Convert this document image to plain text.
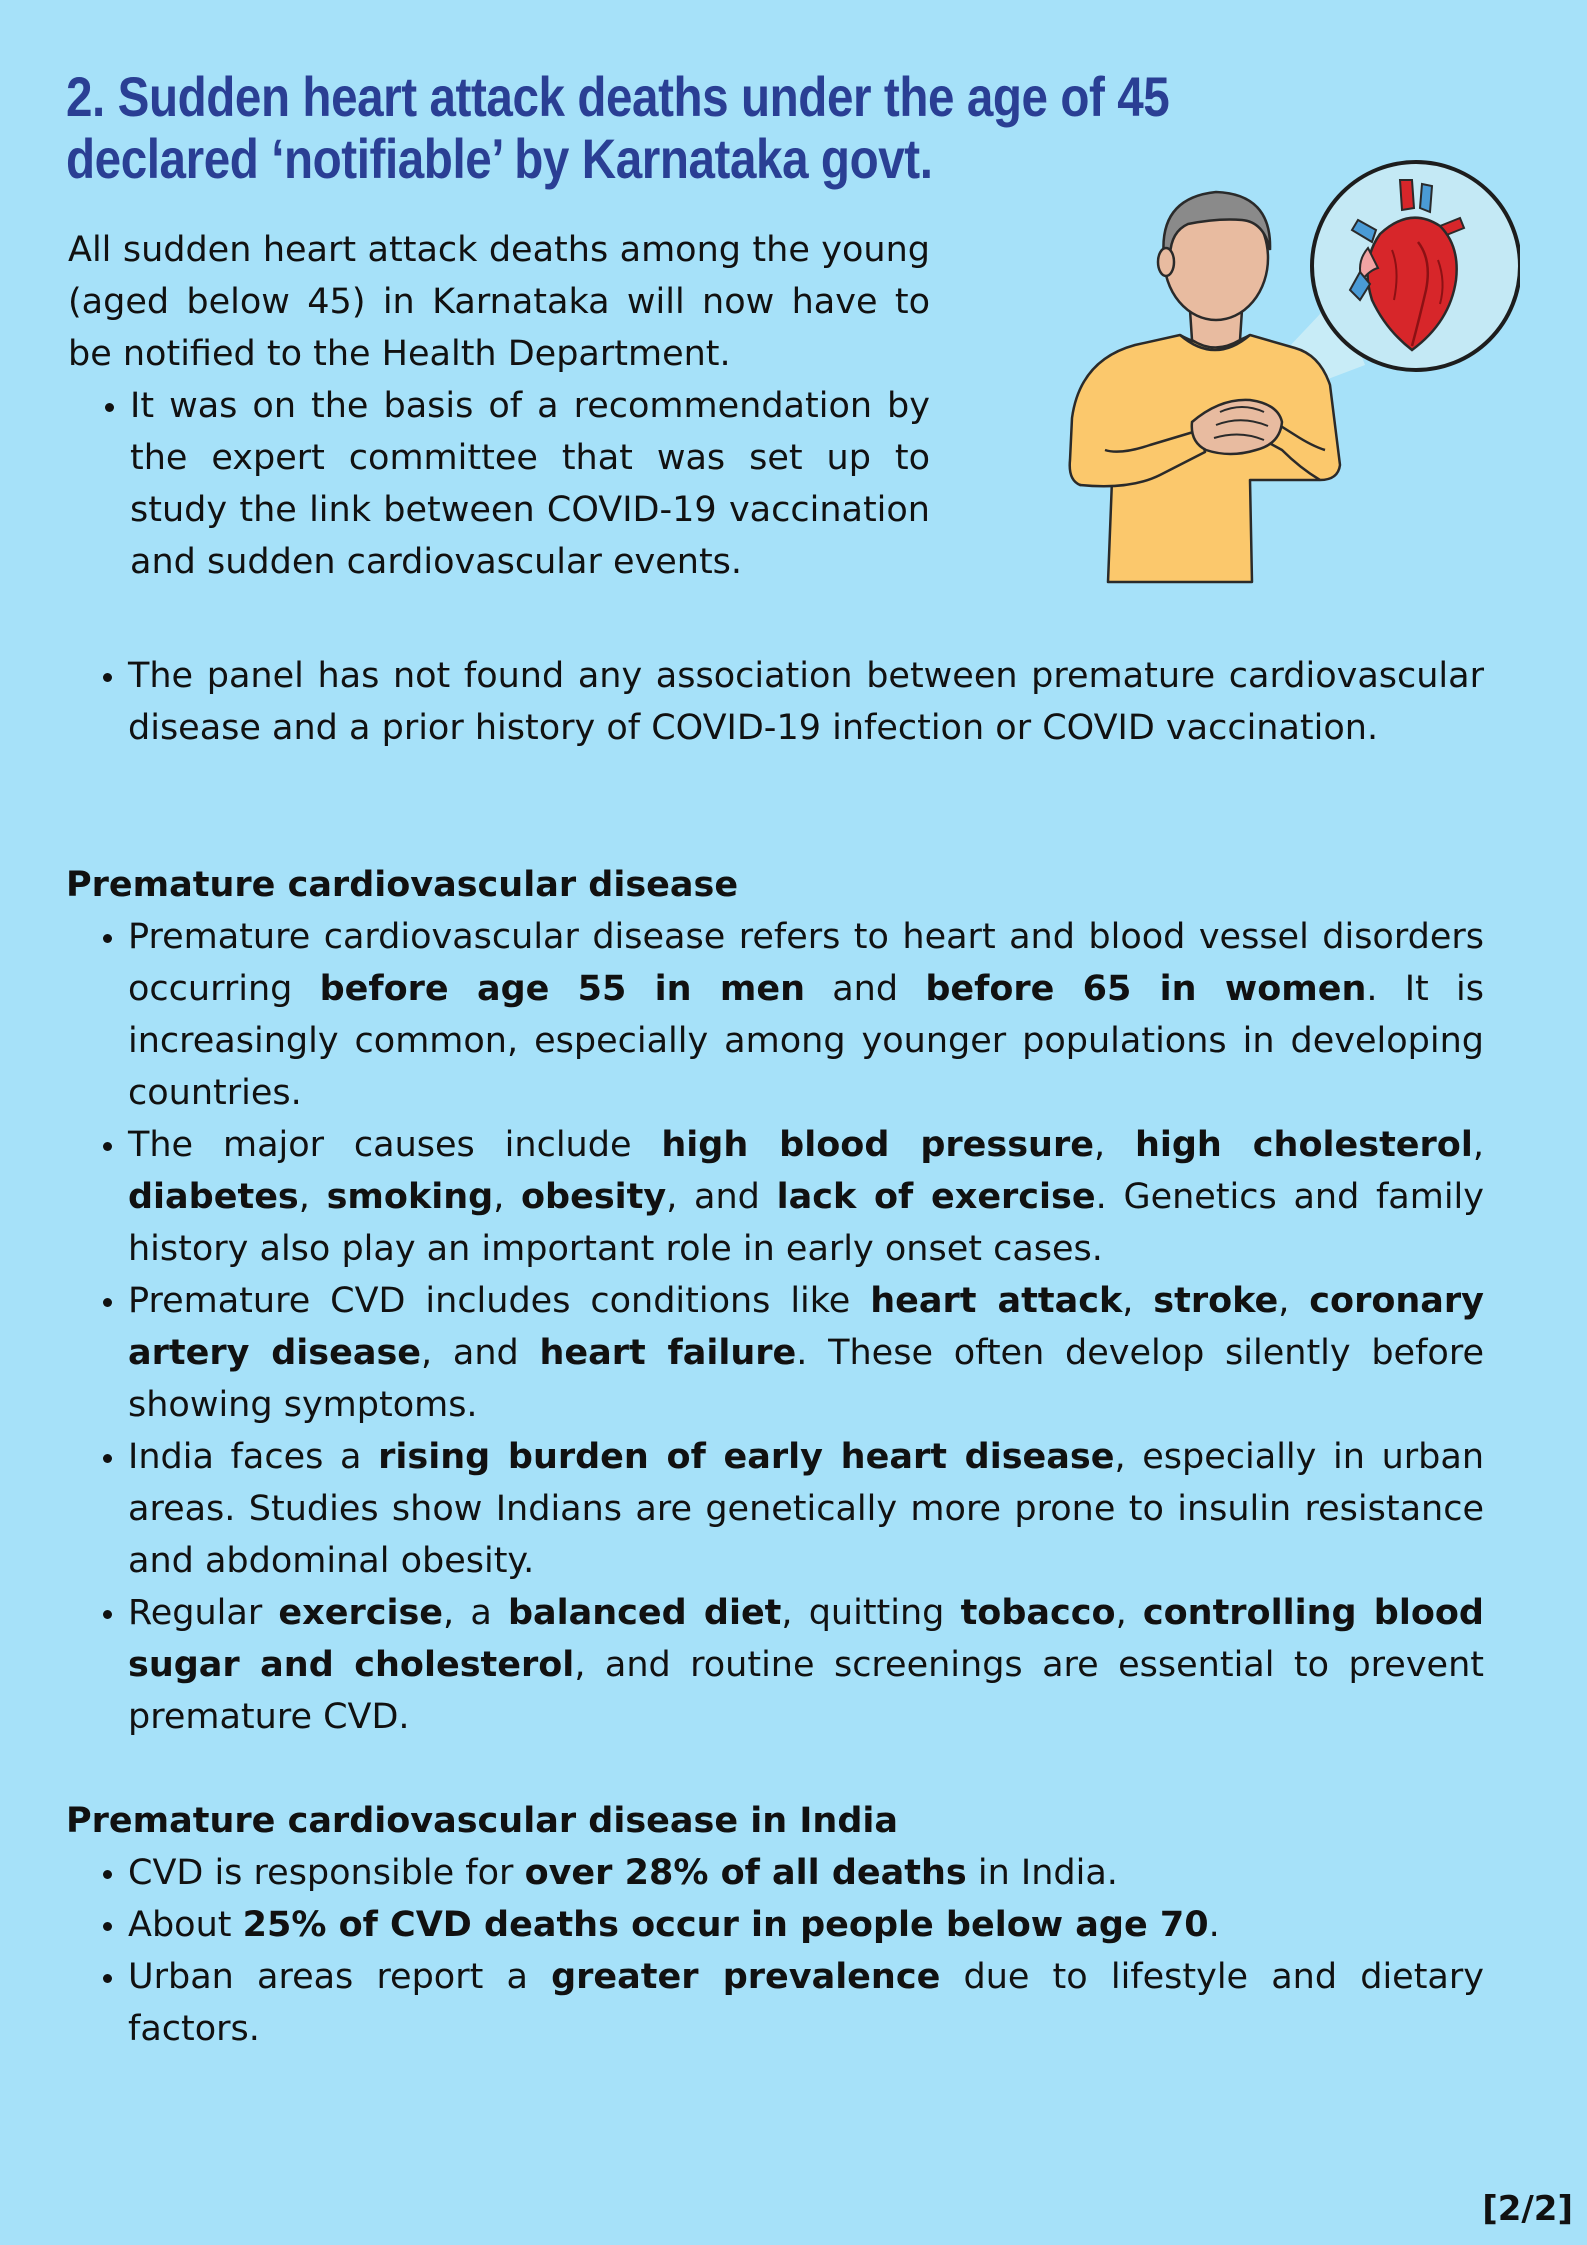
2. Sudden heart attack deaths under the age of 45 declared ‘notifiable’ by Karnataka govt.

All sudden heart attack deaths among the young (aged below 45) in Karnataka will now have to be notified to the Health Department.

• It was on the basis of a recommendation by the expert committee that was set up to study the link between COVID-19 vaccination and sudden cardiovascular events.
• The panel has not found any association between premature cardiovascular disease and a prior history of COVID-19 infection or COVID vaccination.

Premature cardiovascular disease

• Premature cardiovascular disease refers to heart and blood vessel disorders occurring before age 55 in men and before 65 in women. It is increasingly common, especially among younger populations in developing countries.
• The major causes include high blood pressure, high cholesterol, diabetes, smoking, obesity, and lack of exercise. Genetics and family history also play an important role in early onset cases.
• Premature CVD includes conditions like heart attack, stroke, coronary artery disease, and heart failure. These often develop silently before showing symptoms.
• India faces a rising burden of early heart disease, especially in urban areas. Studies show Indians are genetically more prone to insulin resistance and abdominal obesity.
• Regular exercise, a balanced diet, quitting tobacco, controlling blood sugar and cholesterol, and routine screenings are essential to prevent premature CVD.

Premature cardiovascular disease in India

• CVD is responsible for over 28% of all deaths in India.
• About 25% of CVD deaths occur in people below age 70.
• Urban areas report a greater prevalence due to lifestyle and dietary factors.
[2/2]
